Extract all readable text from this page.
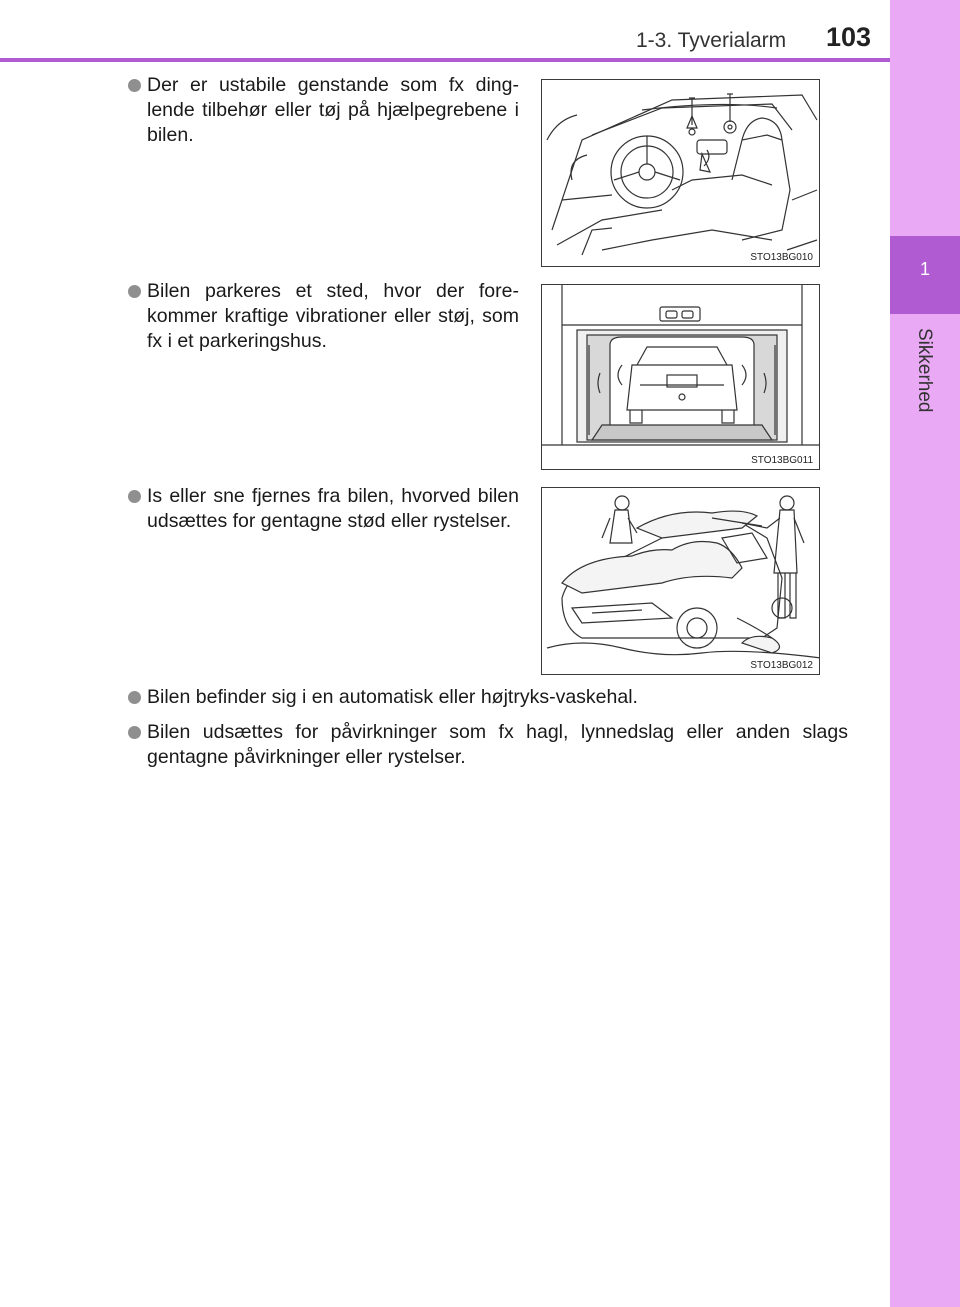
1
Sikkerhed
1-3. Tyverialarm 103
Der er ustabile genstande som fx ding-lende tilbehør eller tøj på hjælpegrebene i bilen.
Bilen parkeres et sted, hvor der fore-kommer kraftige vibrationer eller støj, som fx i et parkeringshus.
Is eller sne fjernes fra bilen, hvorved bilen udsættes for gentagne stød eller rystelser.
Bilen befinder sig i en automatisk eller højtryks-vaskehal.
Bilen udsættes for påvirkninger som fx hagl, lynnedslag eller anden slags gentagne påvirkninger eller rystelser.
STO13BG010
STO13BG011
STO13BG012
